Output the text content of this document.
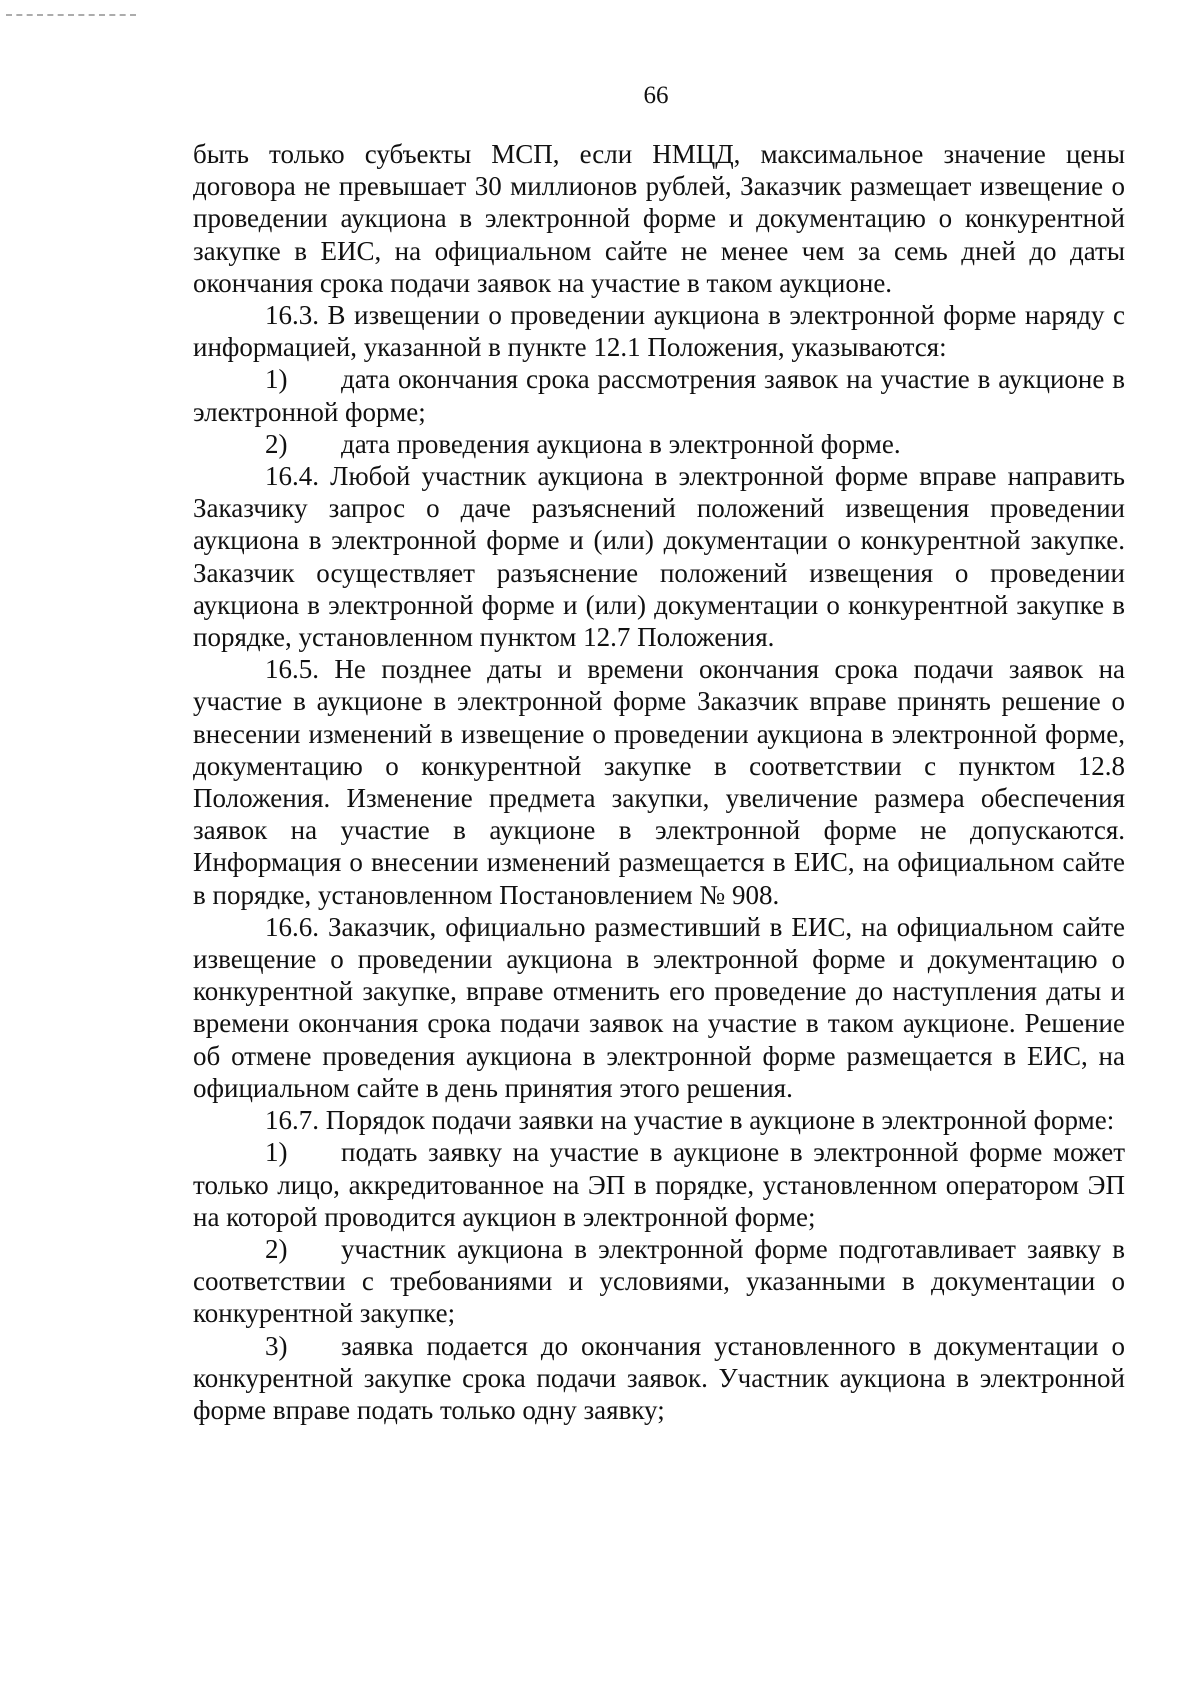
66

быть только субъекты МСП, если НМЦД, максимальное значение цены договора не превышает 30 миллионов рублей, Заказчик размещает извещение о проведении аукциона в электронной форме и документацию о конкурентной закупке в ЕИС, на официальном сайте не менее чем за семь дней до даты окончания срока подачи заявок на участие в таком аукционе.

16.3. В извещении о проведении аукциона в электронной форме наряду с информацией, указанной в пункте 12.1 Положения, указываются:

1) дата окончания срока рассмотрения заявок на участие в аукционе в электронной форме;

2) дата проведения аукциона в электронной форме.

16.4. Любой участник аукциона в электронной форме вправе направить Заказчику запрос о даче разъяснений положений извещения проведении аукциона в электронной форме и (или) документации о конкурентной закупке. Заказчик осуществляет разъяснение положений извещения о проведении аукциона в электронной форме и (или) документации о конкурентной закупке в порядке, установленном пунктом 12.7 Положения.

16.5. Не позднее даты и времени окончания срока подачи заявок на участие в аукционе в электронной форме Заказчик вправе принять решение о внесении изменений в извещение о проведении аукциона в электронной форме, документацию о конкурентной закупке в соответствии с пунктом 12.8 Положения. Изменение предмета закупки, увеличение размера обеспечения заявок на участие в аукционе в электронной форме не допускаются. Информация о внесении изменений размещается в ЕИС, на официальном сайте в порядке, установленном Постановлением № 908.

16.6. Заказчик, официально разместивший в ЕИС, на официальном сайте извещение о проведении аукциона в электронной форме и документацию о конкурентной закупке, вправе отменить его проведение до наступления даты и времени окончания срока подачи заявок на участие в таком аукционе. Решение об отмене проведения аукциона в электронной форме размещается в ЕИС, на официальном сайте в день принятия этого решения.

16.7. Порядок подачи заявки на участие в аукционе в электронной форме:

1) подать заявку на участие в аукционе в электронной форме может только лицо, аккредитованное на ЭП в порядке, установленном оператором ЭП на которой проводится аукцион в электронной форме;

2) участник аукциона в электронной форме подготавливает заявку в соответствии с требованиями и условиями, указанными в документации о конкурентной закупке;

3) заявка подается до окончания установленного в документации о конкурентной закупке срока подачи заявок. Участник аукциона в электронной форме вправе подать только одну заявку;
